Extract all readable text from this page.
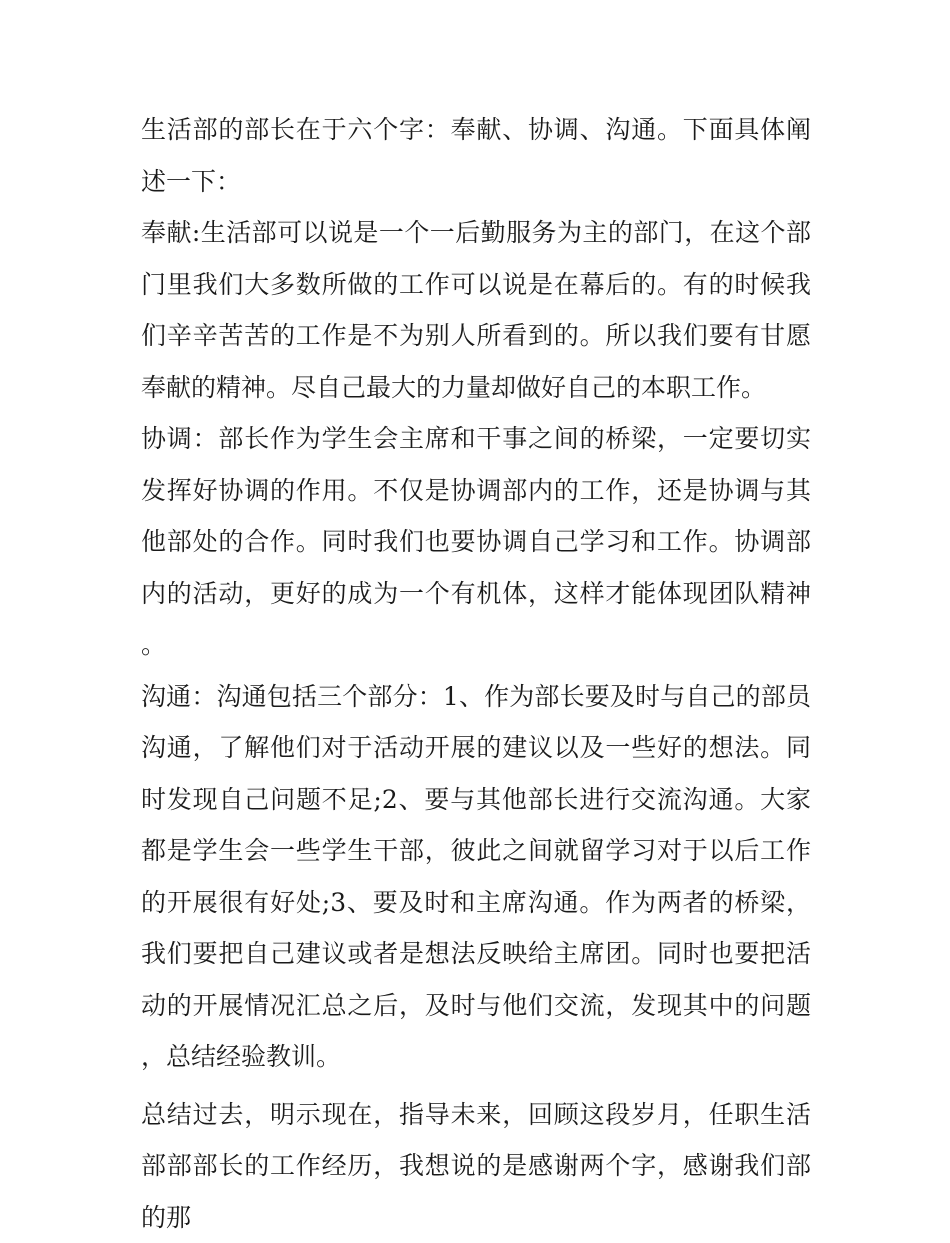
生活部的部长在于六个字：奉献、协调、沟通。下面具体阐述一下：

奉献:生活部可以说是一个一后勤服务为主的部门，在这个部门里我们大多数所做的工作可以说是在幕后的。有的时候我们辛辛苦苦的工作是不为别人所看到的。所以我们要有甘愿奉献的精神。尽自己最大的力量却做好自己的本职工作。

协调：部长作为学生会主席和干事之间的桥梁，一定要切实发挥好协调的作用。不仅是协调部内的工作，还是协调与其他部处的合作。同时我们也要协调自己学习和工作。协调部内的活动，更好的成为一个有机体，这样才能体现团队精神。

沟通：沟通包括三个部分：1、作为部长要及时与自己的部员沟通，了解他们对于活动开展的建议以及一些好的想法。同时发现自己问题不足;2、要与其他部长进行交流沟通。大家都是学生会一些学生干部，彼此之间就留学习对于以后工作的开展很有好处;3、要及时和主席沟通。作为两者的桥梁，我们要把自己建议或者是想法反映给主席团。同时也要把活动的开展情况汇总之后，及时与他们交流，发现其中的问题，总结经验教训。

总结过去，明示现在，指导未来，回顾这段岁月，任职生活部部部长的工作经历，我想说的是感谢两个字，感谢我们部的那
